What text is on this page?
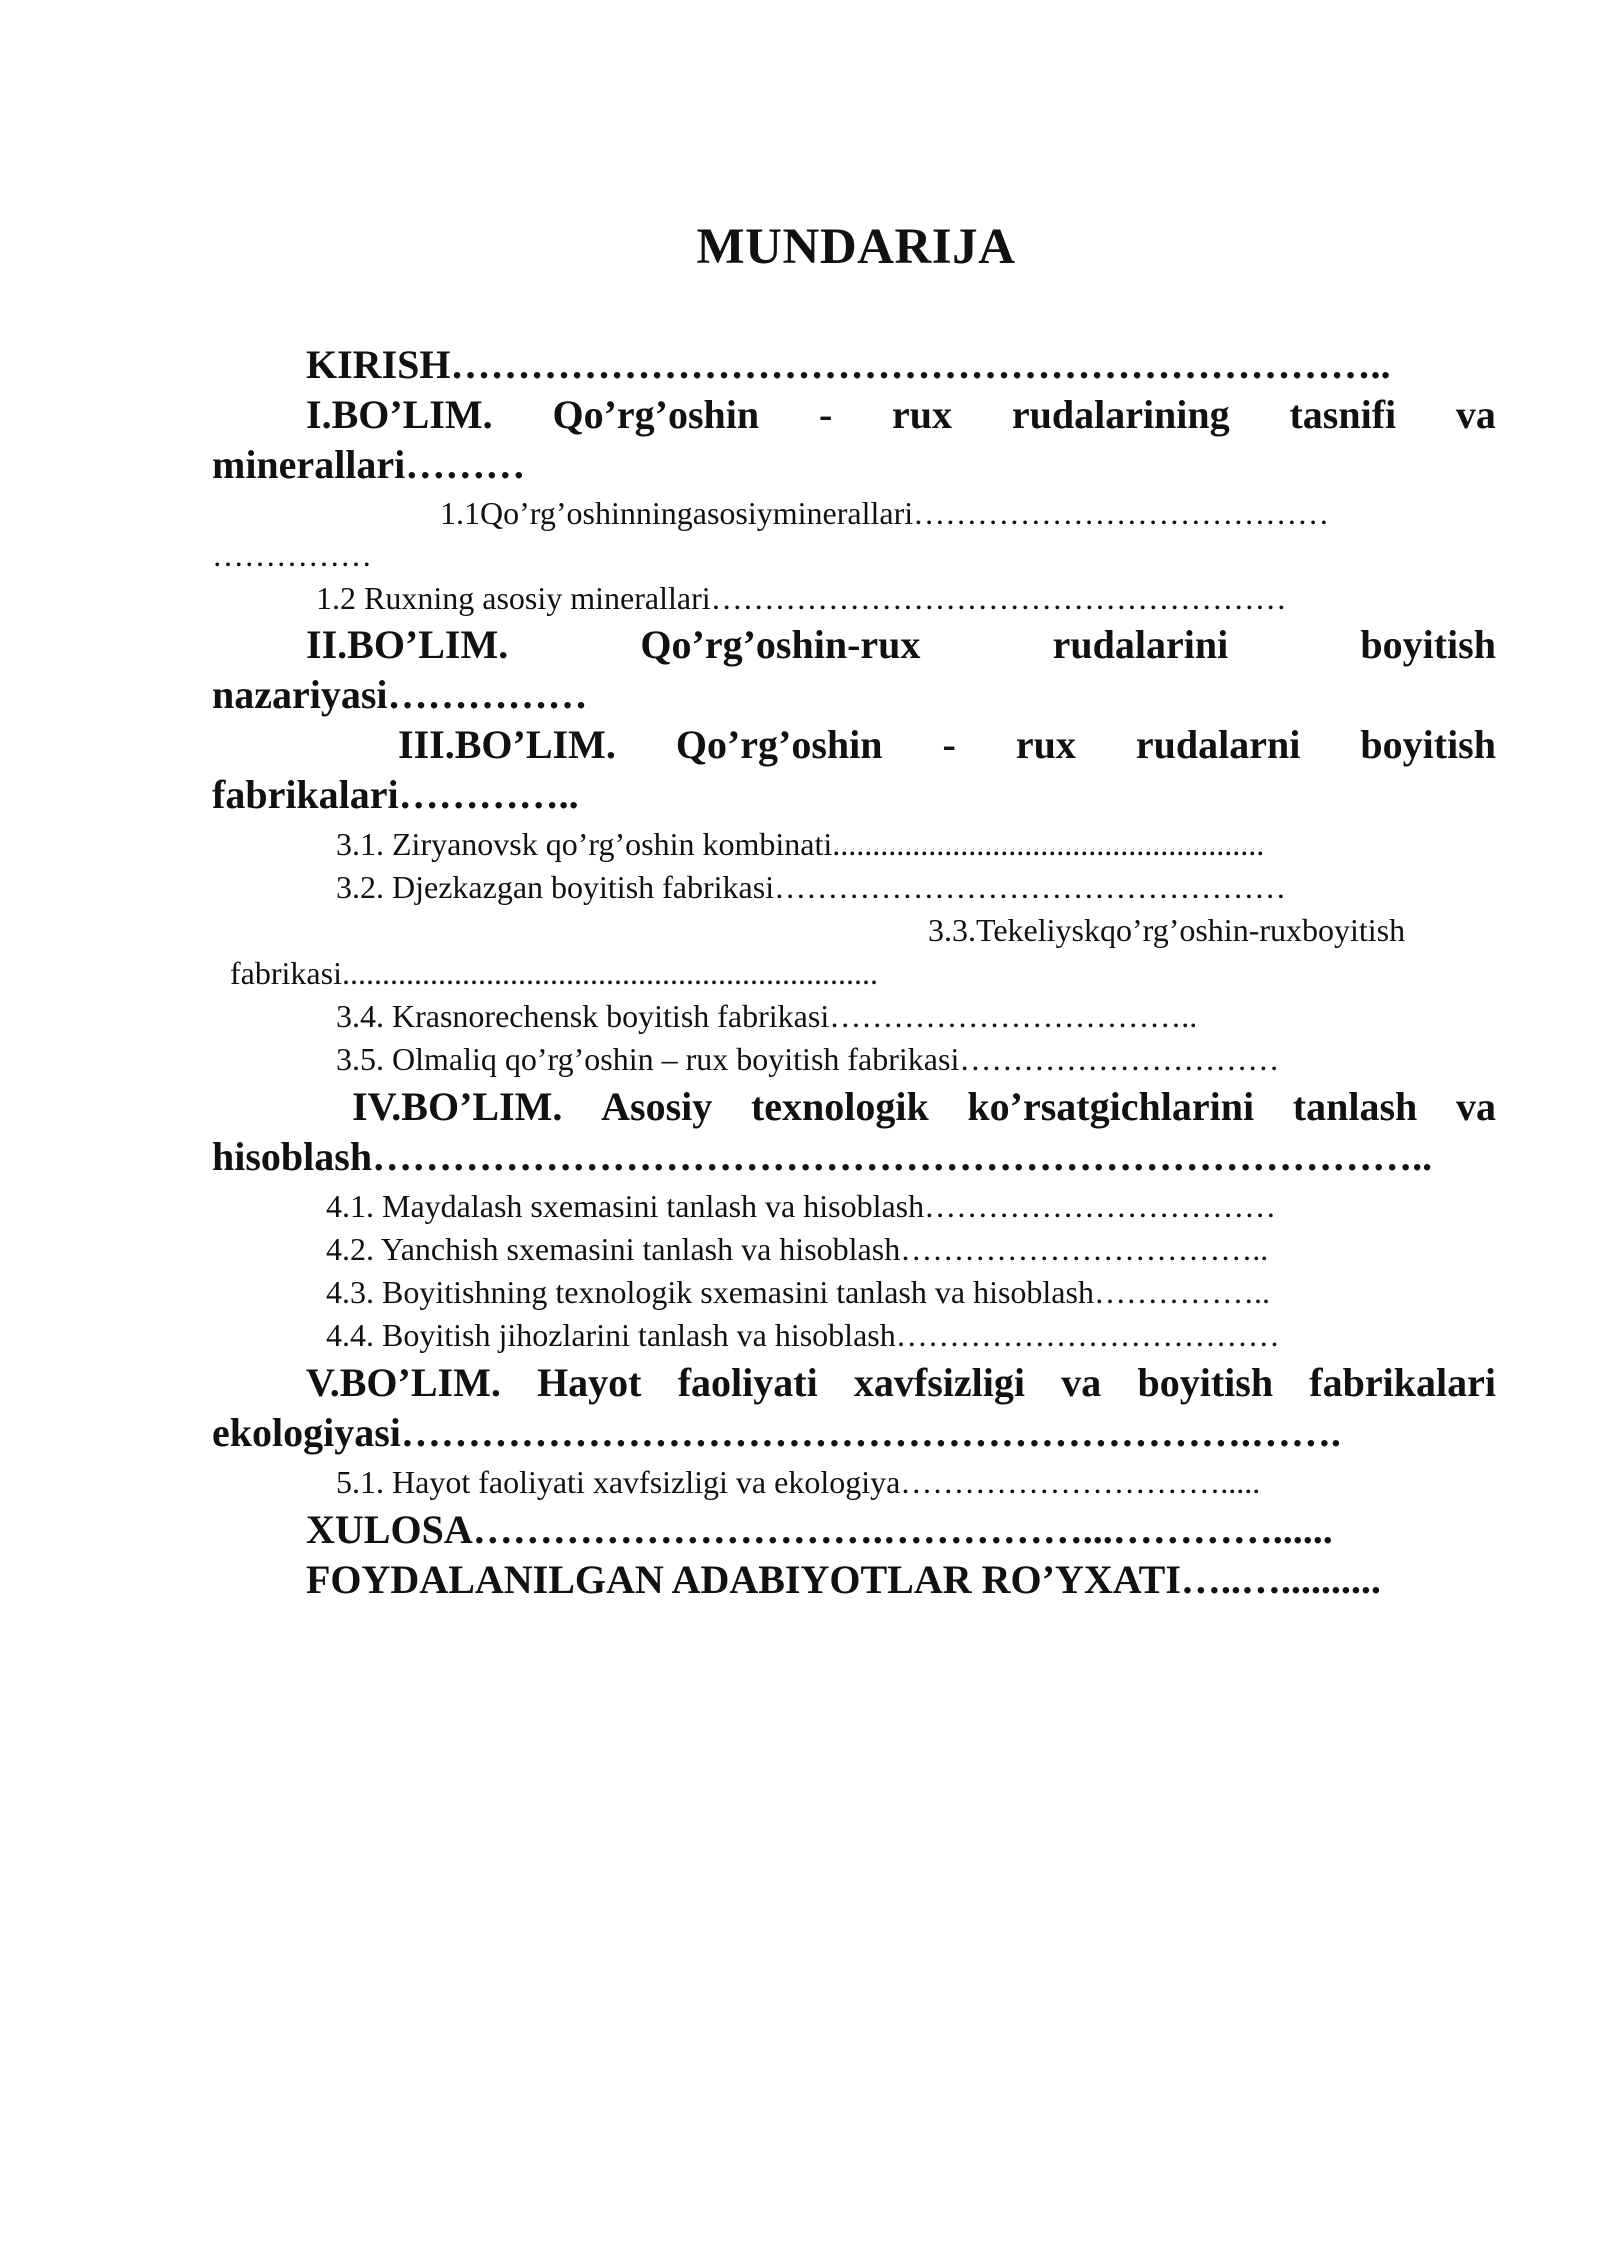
MUNDARIJA
KIRISH……………………………………………………………..
I.BO’LIM. Qo’rg’oshin - rux rudalarining tasnifi va
minerallari………
1.1Qo’rg’oshinningasosiyminerallari…………………………………
……………
1.2 Ruxning asosiy minerallari………………………………………………
II.BO’LIM.	Qo’rg’oshin-rux	rudalarini	boyitish
nazariyasi……………
III.BO’LIM. Qo’rg’oshin - rux rudalarni boyitish
fabrikalari…………..
3.1. Ziryanovsk qo’rg’oshin kombinati......................................................
3.2. Djezkazgan boyitish fabrikasi…………………………………………
3.3.Tekeliyskqo’rg’oshin-ruxboyitish
fabrikasi...................................................................
3.4. Krasnorechensk boyitish fabrikasi……………………………..
3.5. Olmaliq qo’rg’oshin – rux boyitish fabrikasi…………………………
IV.BO’LIM. Asosiy texnologik ko’rsatgichlarini tanlash va
hisoblash……………………………………………………………………..
4.1. Maydalash sxemasini tanlash va hisoblash……………………………
4.2. Yanchish sxemasini tanlash va hisoblash……………………………..
4.3. Boyitishning texnologik sxemasini tanlash va hisoblash……………..
4.4. Boyitish jihozlarini tanlash va hisoblash………………………………
V.BO’LIM. Hayot faoliyati xavfsizligi va boyitish fabrikalari
ekologiyasi……………………………………………………….…….
5.1. Hayot faoliyati xavfsizligi va ekologiya………………………….....
XULOSA………………………….……………...…………......
FOYDALANILGAN ADABIYOTLAR RO’YXATI…..…..........
